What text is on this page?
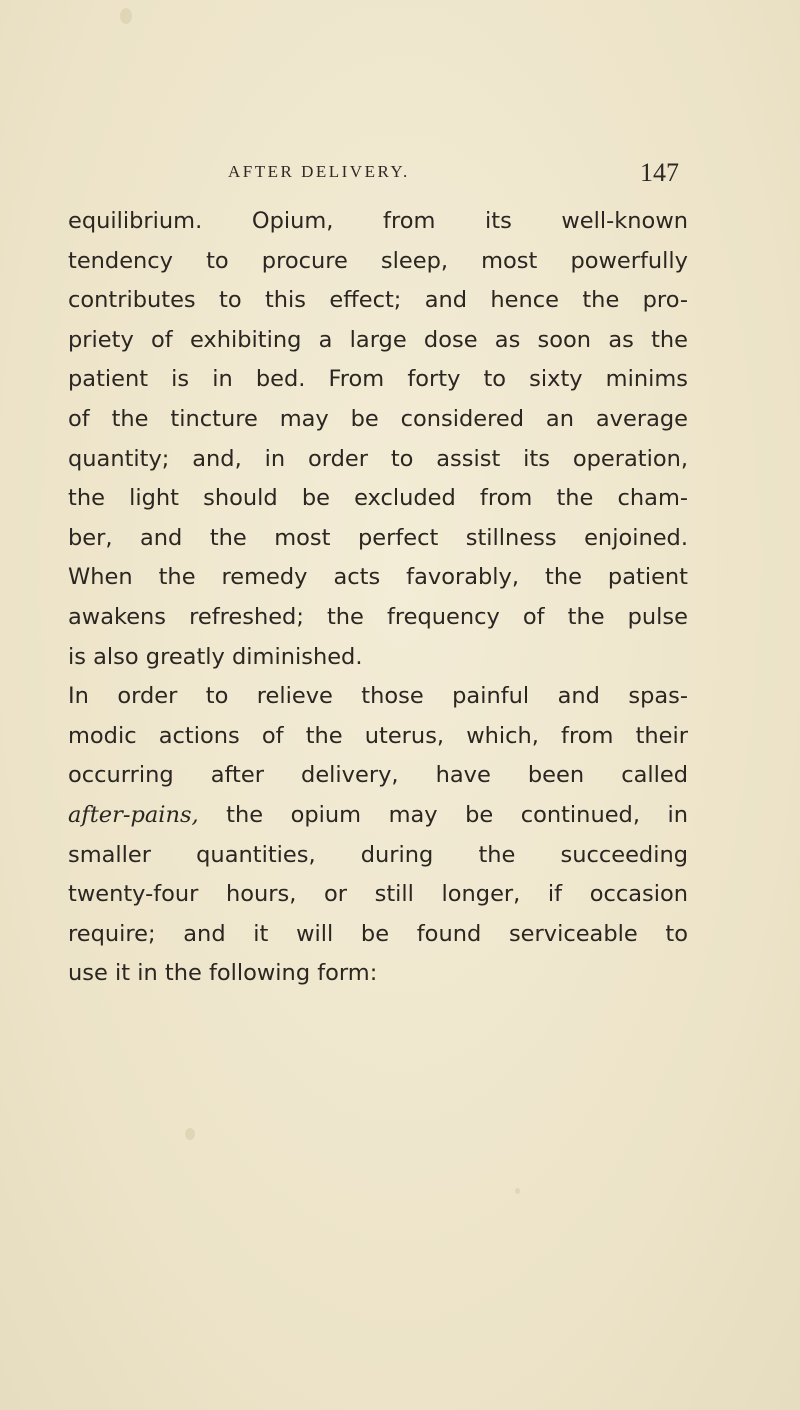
AFTER DELIVERY.	147
equilibrium. Opium, from its well-known
tendency to procure sleep, most powerfully
contributes to this effect; and hence the pro-
priety of exhibiting a large dose as soon as the
patient is in bed. From forty to sixty minims
of the tincture may be considered an average
quantity; and, in order to assist its operation,
the light should be excluded from the cham-
ber, and the most perfect stillness enjoined.
When the remedy acts favorably, the patient
awakens refreshed; the frequency of the pulse
is also greatly diminished.
In order to relieve those painful and spas-
modic actions of the uterus, which, from their
occurring after delivery, have been called
after-pains, the opium may be continued, in
smaller quantities, during the succeeding
twenty-four hours, or still longer, if occasion
require; and it will be found serviceable to
use it in the following form:
